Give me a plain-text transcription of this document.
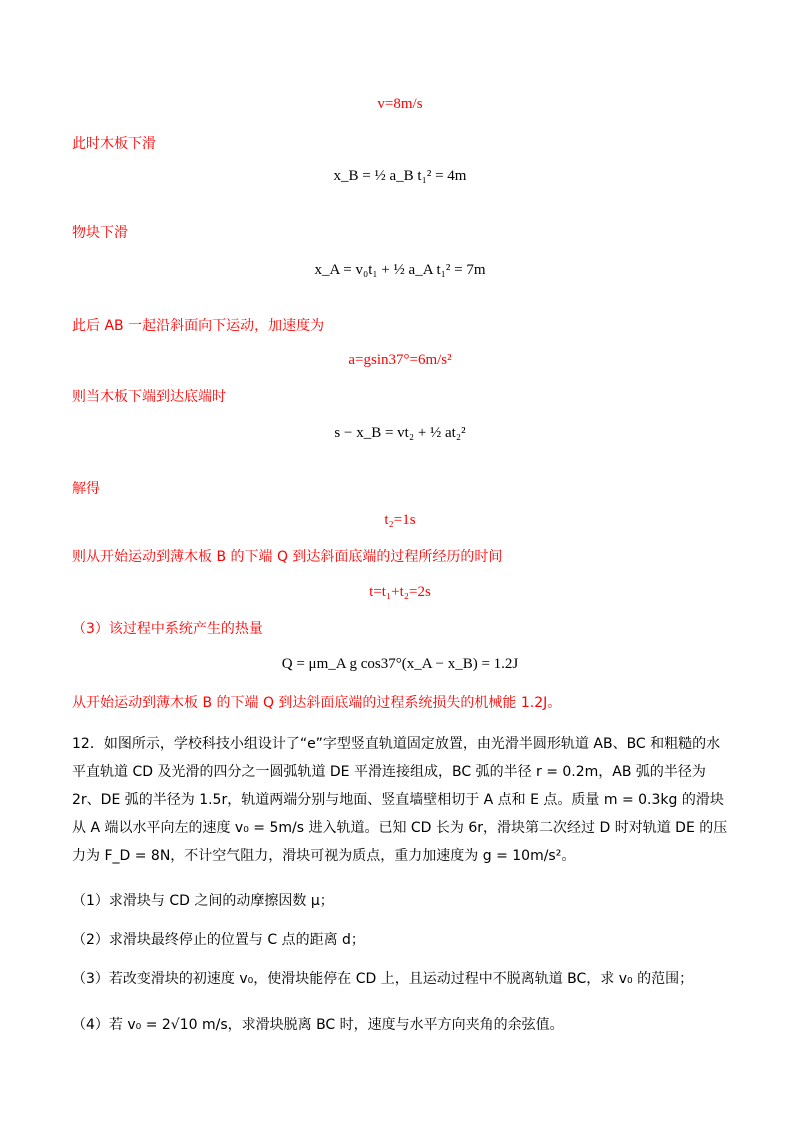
v=8m/s
此时木板下滑
x_B = ½ a_B t₁² = 4m
物块下滑
x_A = v₀t₁ + ½ a_A t₁² = 7m
此后 AB 一起沿斜面向下运动，加速度为
a=gsin37°=6m/s²
则当木板下端到达底端时
s − x_B = vt₂ + ½ at₂²
解得
t₂=1s
则从开始运动到薄木板 B 的下端 Q 到达斜面底端的过程所经历的时间
t=t₁+t₂=2s
（3）该过程中系统产生的热量
Q = μm_A g cos37°(x_A − x_B) = 1.2J
从开始运动到薄木板 B 的下端 Q 到达斜面底端的过程系统损失的机械能 1.2J。
12．如图所示，学校科技小组设计了“e”字型竖直轨道固定放置，由光滑半圆形轨道 AB、BC 和粗糙的水平直轨道 CD 及光滑的四分之一圆弧轨道 DE 平滑连接组成，BC 弧的半径 r = 0.2m，AB 弧的半径为 2r、DE 弧的半径为 1.5r，轨道两端分别与地面、竖直墙壁相切于 A 点和 E 点。质量 m = 0.3kg 的滑块从 A 端以水平向左的速度 v₀ = 5m/s 进入轨道。已知 CD 长为 6r，滑块第二次经过 D 时对轨道 DE 的压力为 F_D = 8N，不计空气阻力，滑块可视为质点，重力加速度为 g = 10m/s²。
（1）求滑块与 CD 之间的动摩擦因数 μ；
（2）求滑块最终停止的位置与 C 点的距离 d；
（3）若改变滑块的初速度 v₀，使滑块能停在 CD 上，且运动过程中不脱离轨道 BC，求 v₀ 的范围；
（4）若 v₀ = 2√10 m/s，求滑块脱离 BC 时，速度与水平方向夹角的余弦值。
